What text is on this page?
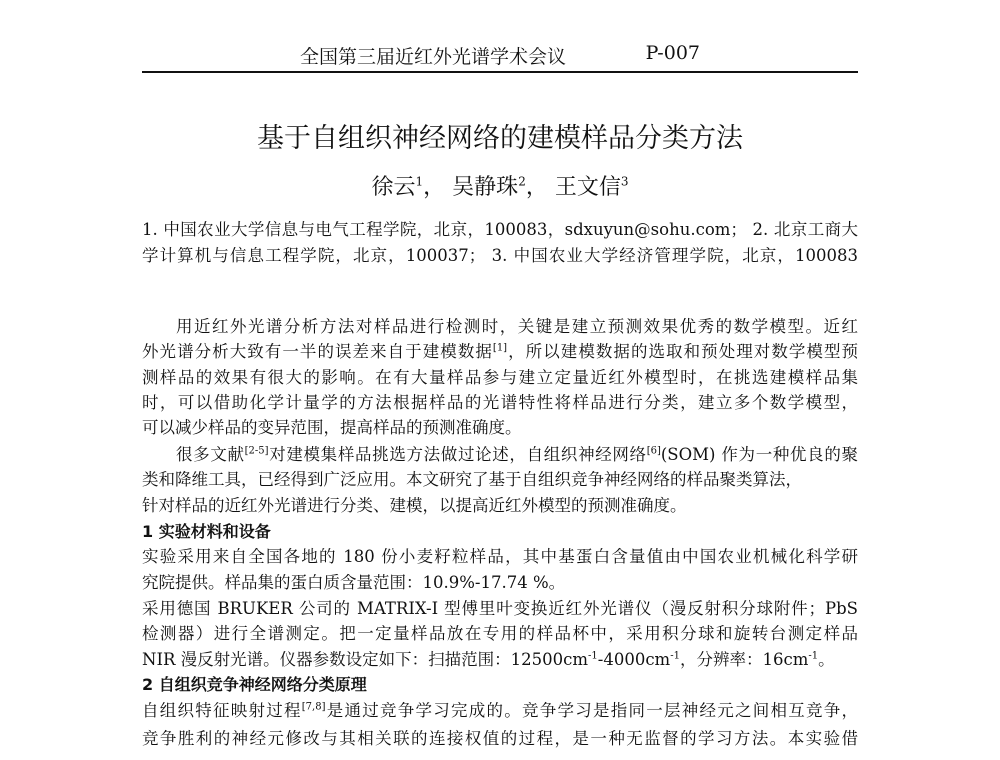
全国第三届近红外光谱学术会议	P-007
基于自组织神经网络的建模样品分类方法
徐云$^1$， 吴静珠$^2$， 王文信$^3$
1. 中国农业大学信息与电气工程学院，北京，100083，sdxuyun@sohu.com； 2. 北京工商大
学计算机与信息工程学院，北京，100037； 3. 中国农业大学经济管理学院，北京，100083
用近红外光谱分析方法对样品进行检测时，关键是建立预测效果优秀的数学模型。近红
外光谱分析大致有一半的误差来自于建模数据[1]，所以建模数据的选取和预处理对数学模型预
测样品的效果有很大的影响。在有大量样品参与建立定量近红外模型时，在挑选建模样品集
时，可以借助化学计量学的方法根据样品的光谱特性将样品进行分类，建立多个数学模型，
可以减少样品的变异范围，提高样品的预测准确度。
很多文献[2-5]对建模集样品挑选方法做过论述，自组织神经网络[6](SOM) 作为一种优良的聚
类和降维工具，已经得到广泛应用。本文研究了基于自组织竞争神经网络的样品聚类算法，
针对样品的近红外光谱进行分类、建模，以提高近红外模型的预测准确度。
1 实验材料和设备
实验采用来自全国各地的 180 份小麦籽粒样品，其中基蛋白含量值由中国农业机械化科学研
究院提供。样品集的蛋白质含量范围：10.9%-17.74 %。
采用德国 BRUKER 公司的 MATRIX-I 型傅里叶变换近红外光谱仪（漫反射积分球附件；PbS
检测器）进行全谱测定。把一定量样品放在专用的样品杯中，采用积分球和旋转台测定样品
NIR 漫反射光谱。仪器参数设定如下：扫描范围：$12500cm^{-1}-4000cm^{-1}$，分辨率：$16cm^{-1}$。
2 自组织竞争神经网络分类原理
自组织特征映射过程[7,8]是通过竞争学习完成的。竞争学习是指同一层神经元之间相互竞争，
竞争胜利的神经元修改与其相关联的连接权值的过程，是一种无监督的学习方法。本实验借
